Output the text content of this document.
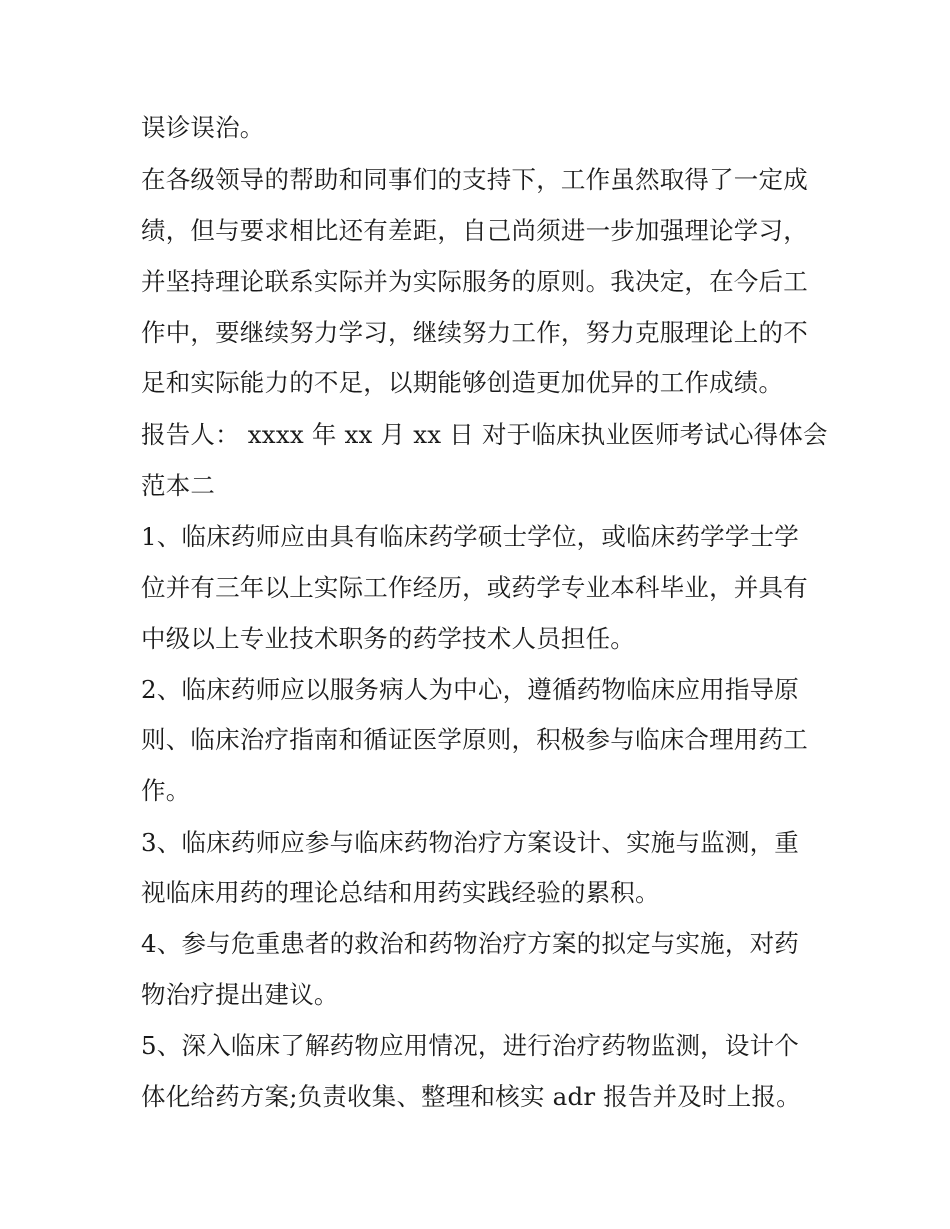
误诊误治。
在各级领导的帮助和同事们的支持下，工作虽然取得了一定成
绩，但与要求相比还有差距，自己尚须进一步加强理论学习，
并坚持理论联系实际并为实际服务的原则。我决定，在今后工
作中，要继续努力学习，继续努力工作，努力克服理论上的不
足和实际能力的不足，以期能够创造更加优异的工作成绩。
报告人： xxxx 年 xx 月 xx 日 对于临床执业医师考试心得体会
范本二
1、临床药师应由具有临床药学硕士学位，或临床药学学士学
位并有三年以上实际工作经历，或药学专业本科毕业，并具有
中级以上专业技术职务的药学技术人员担任。
2、临床药师应以服务病人为中心，遵循药物临床应用指导原
则、临床治疗指南和循证医学原则，积极参与临床合理用药工
作。
3、临床药师应参与临床药物治疗方案设计、实施与监测，重
视临床用药的理论总结和用药实践经验的累积。
4、参与危重患者的救治和药物治疗方案的拟定与实施，对药
物治疗提出建议。
5、深入临床了解药物应用情况，进行治疗药物监测，设计个
体化给药方案;负责收集、整理和核实 adr 报告并及时上报。
